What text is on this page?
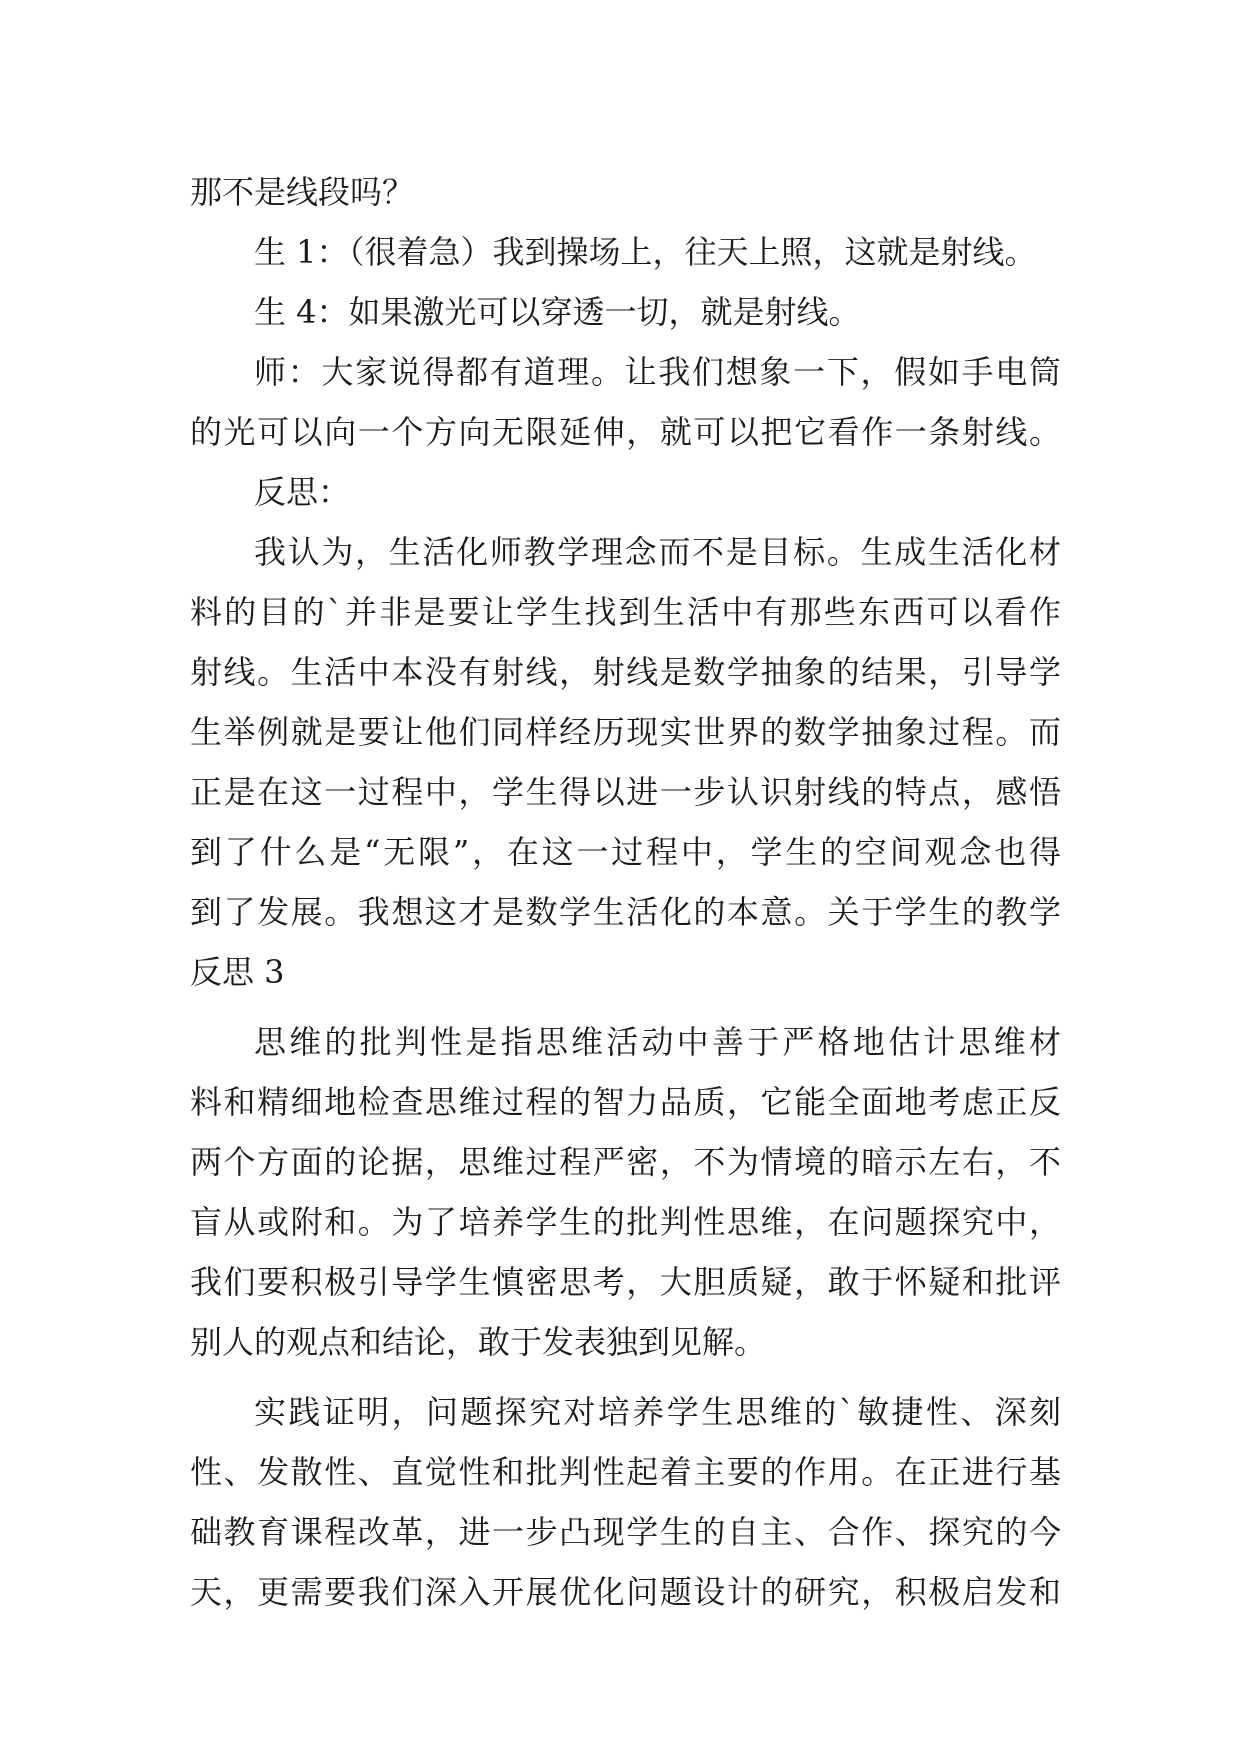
那不是线段吗？
生 1：（很着急）我到操场上，往天上照，这就是射线。
生 4：如果激光可以穿透一切，就是射线。
师：大家说得都有道理。让我们想象一下，假如手电筒
的光可以向一个方向无限延伸，就可以把它看作一条射线。
反思：
我认为，生活化师教学理念而不是目标。生成生活化材
料的目的`并非是要让学生找到生活中有那些东西可以看作
射线。生活中本没有射线，射线是数学抽象的结果，引导学
生举例就是要让他们同样经历现实世界的数学抽象过程。而
正是在这一过程中，学生得以进一步认识射线的特点，感悟
到了什么是“无限”，在这一过程中，学生的空间观念也得
到了发展。我想这才是数学生活化的本意。关于学生的教学
反思 3
思维的批判性是指思维活动中善于严格地估计思维材
料和精细地检查思维过程的智力品质，它能全面地考虑正反
两个方面的论据，思维过程严密，不为情境的暗示左右，不
盲从或附和。为了培养学生的批判性思维，在问题探究中，
我们要积极引导学生慎密思考，大胆质疑，敢于怀疑和批评
别人的观点和结论，敢于发表独到见解。
实践证明，问题探究对培养学生思维的`敏捷性、深刻
性、发散性、直觉性和批判性起着主要的作用。在正进行基
础教育课程改革，进一步凸现学生的自主、合作、探究的今
天，更需要我们深入开展优化问题设计的研究，积极启发和
